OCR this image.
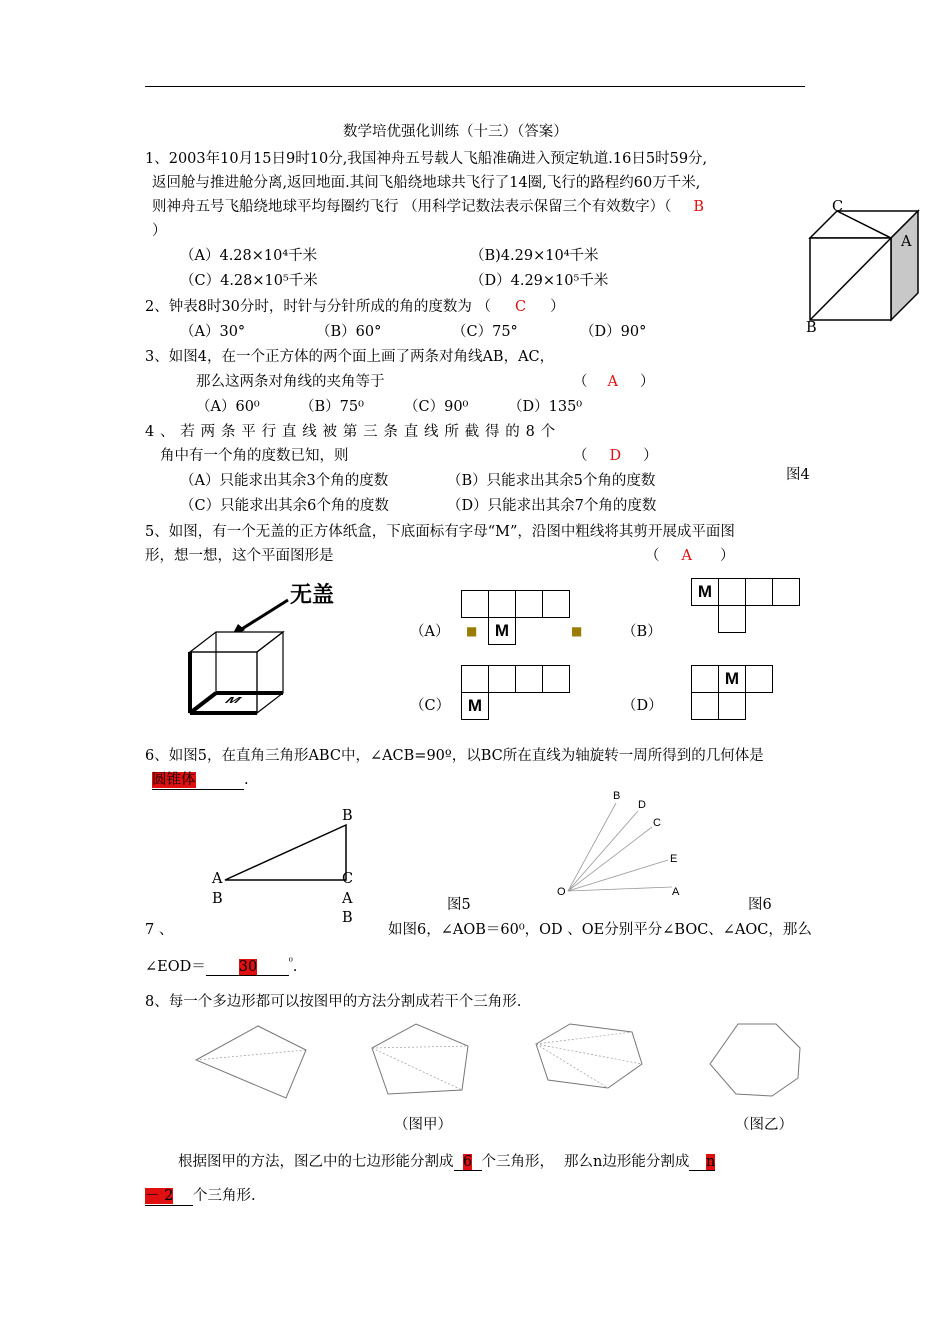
数学培优强化训练（十三）（答案）
1、2003年10月15日9时10分,我国神舟五号载人飞船准确进入预定轨道.16日5时59分,
返回舱与推进舱分离,返回地面.其间飞船绕地球共飞行了14圈,飞行的路程约60万千米,
则神舟五号飞船绕地球平均每圈约飞行 （用科学记数法表示保留三个有效数字）（ B
）
（A）4.28×10⁴千米	（B)4.29×10⁴千米
（C）4.28×10⁵千米	（D）4.29×10⁵千米
2、钟表8时30分时，时针与分针所成的角的度数为 （ C ）
（A）30°	（B）60°	（C）75°	（D）90°
3、如图4，在一个正方体的两个面上画了两条对角线AB，AC，
那么这两条对角线的夹角等于	（ A ）
（A）60⁰	（B）75⁰	（C）90⁰	（D）135⁰
4 、 若 两 条 平 行 直 线 被 第 三 条 直 线 所 截 得 的 8 个
角中有一个角的度数已知，则	（ D ）
（A）只能求出其余3个角的度数	（B）只能求出其余5个角的度数
（C）只能求出其余6个角的度数	（D）只能求出其余7个角的度数
C
A
B
图4
5、如图，有一个无盖的正方体纸盒，下底面标有字母“M”，沿图中粗线将其剪开展成平面图
形，想一想，这个平面图形是	（ A ）
无盖
M
（A）

		M		
■	■	（B）
M			

（C）
			M				（D）
	M	

6、如图5，在直角三角形ABC中，∠ACB=90º，以BC所在直线为轴旋转一周所得到的几何体是
圆锥体	.
B
A	C
B	A
B
图5
B
D
C
E
O	A
图6
7 、	如图6，∠AOB＝60⁰，OD 、OE分别平分∠BOC、∠AOC，那么
∠EOD＝ 30	$^{^0}$.
8、每一个多边形都可以按图甲的方法分割成若干个三角形.
（图甲）	（图乙）
根据图甲的方法，图乙中的七边形能分割成 6 个三角形， 那么n边形能分割成 n
－ 2 个三角形.
